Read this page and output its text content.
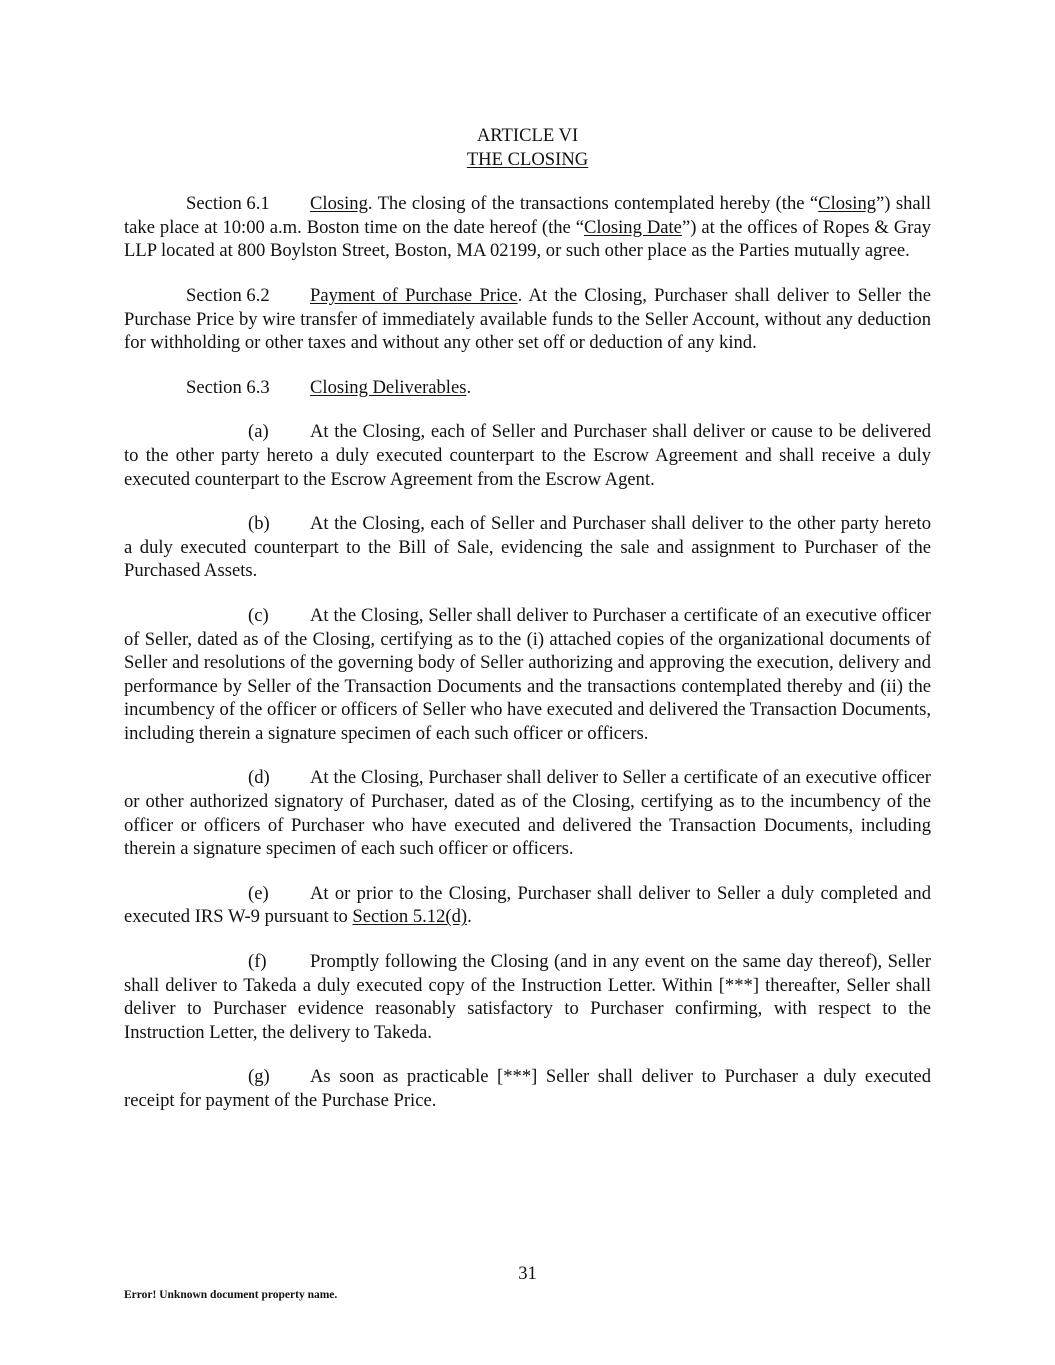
ARTICLE VI
THE CLOSING

Section 6.1 Closing. The closing of the transactions contemplated hereby (the “Closing”) shall take place at 10:00 a.m. Boston time on the date hereof (the “Closing Date”) at the offices of Ropes & Gray LLP located at 800 Boylston Street, Boston, MA 02199, or such other place as the Parties mutually agree.

Section 6.2 Payment of Purchase Price. At the Closing, Purchaser shall deliver to Seller the Purchase Price by wire transfer of immediately available funds to the Seller Account, without any deduction for withholding or other taxes and without any other set off or deduction of any kind.

Section 6.3 Closing Deliverables.

(a) At the Closing, each of Seller and Purchaser shall deliver or cause to be delivered to the other party hereto a duly executed counterpart to the Escrow Agreement and shall receive a duly executed counterpart to the Escrow Agreement from the Escrow Agent.

(b) At the Closing, each of Seller and Purchaser shall deliver to the other party hereto a duly executed counterpart to the Bill of Sale, evidencing the sale and assignment to Purchaser of the Purchased Assets.

(c) At the Closing, Seller shall deliver to Purchaser a certificate of an executive officer of Seller, dated as of the Closing, certifying as to the (i) attached copies of the organizational documents of Seller and resolutions of the governing body of Seller authorizing and approving the execution, delivery and performance by Seller of the Transaction Documents and the transactions contemplated thereby and (ii) the incumbency of the officer or officers of Seller who have executed and delivered the Transaction Documents, including therein a signature specimen of each such officer or officers.

(d) At the Closing, Purchaser shall deliver to Seller a certificate of an executive officer or other authorized signatory of Purchaser, dated as of the Closing, certifying as to the incumbency of the officer or officers of Purchaser who have executed and delivered the Transaction Documents, including therein a signature specimen of each such officer or officers.

(e) At or prior to the Closing, Purchaser shall deliver to Seller a duly completed and executed IRS W-9 pursuant to Section 5.12(d).

(f) Promptly following the Closing (and in any event on the same day thereof), Seller shall deliver to Takeda a duly executed copy of the Instruction Letter. Within [***] thereafter, Seller shall deliver to Purchaser evidence reasonably satisfactory to Purchaser confirming, with respect to the Instruction Letter, the delivery to Takeda.

(g) As soon as practicable [***] Seller shall deliver to Purchaser a duly executed receipt for payment of the Purchase Price.

31
Error! Unknown document property name.
